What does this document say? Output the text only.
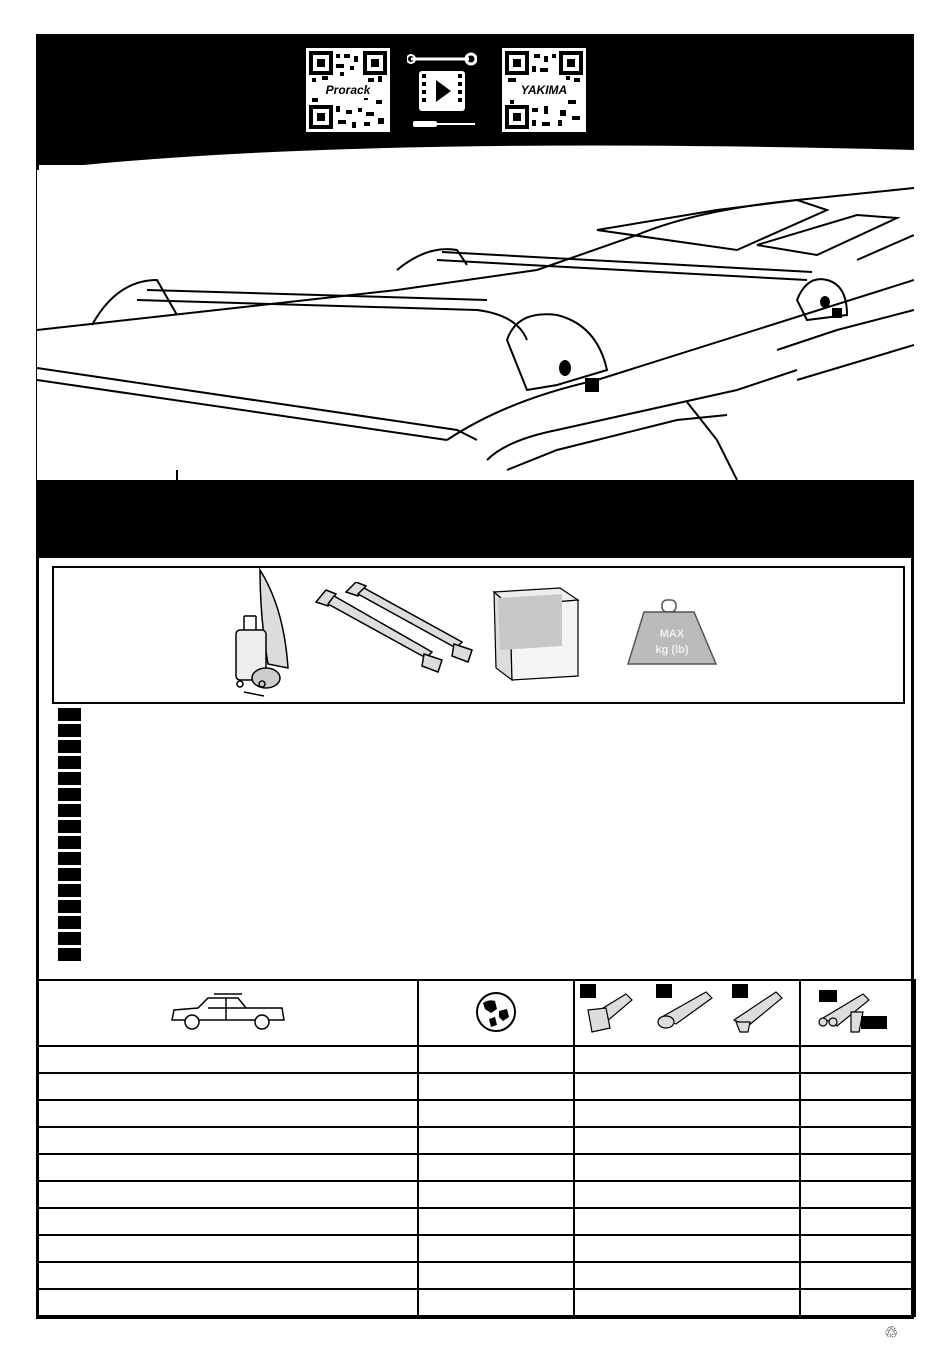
Prorack	YAKIMA
MAX
kg (lb)

♲
